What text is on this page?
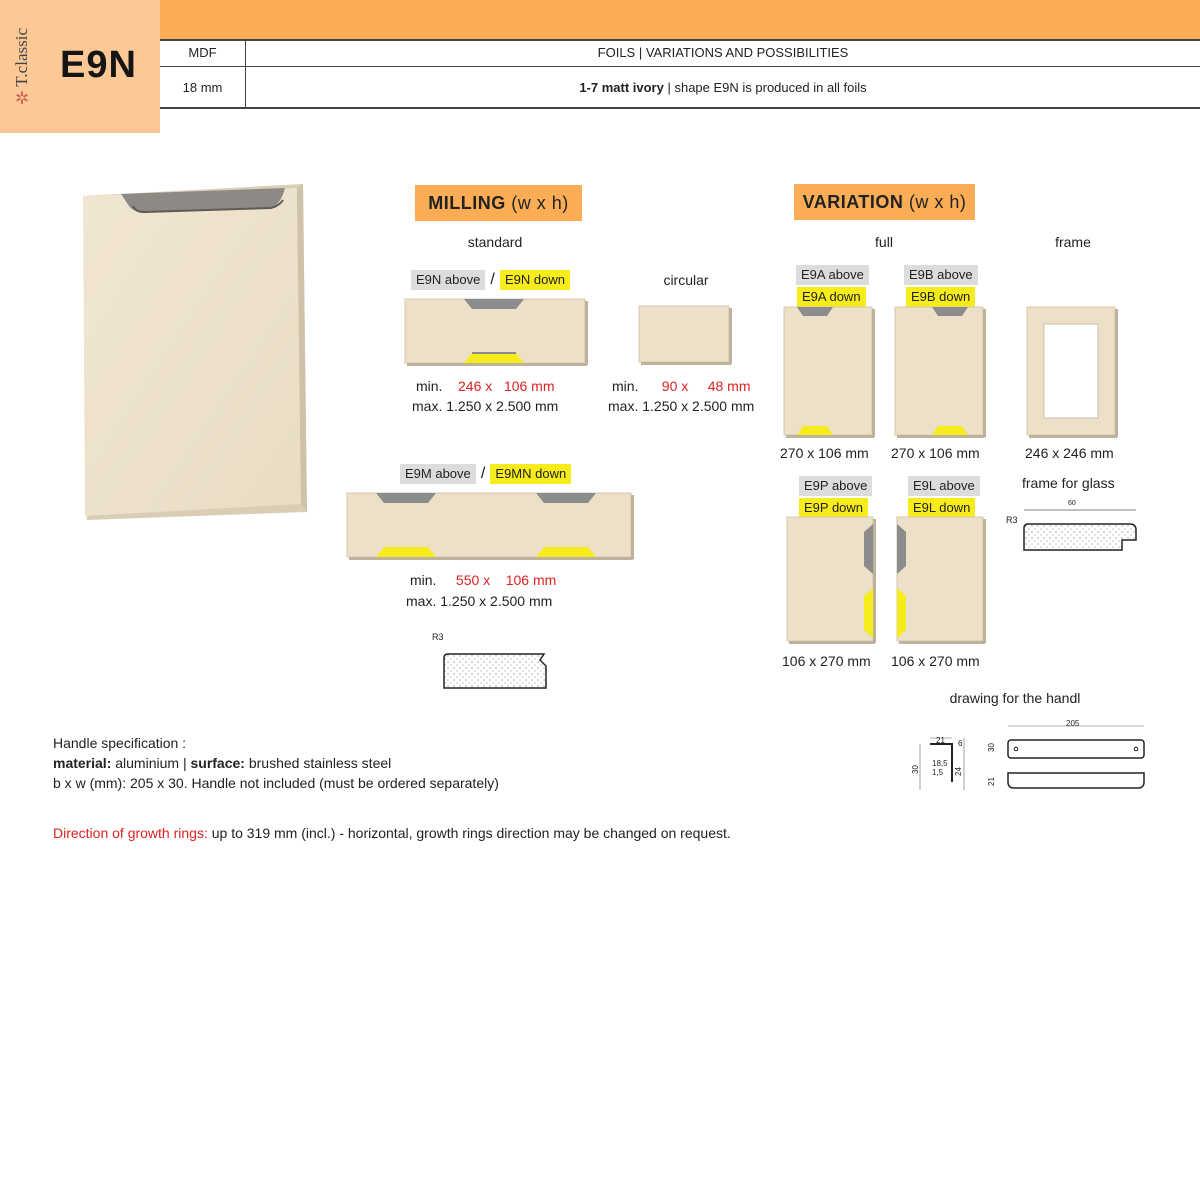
✲T.classic E9N	MDF	FOILS | VARIATIONS AND POSSIBILITIES
18 mm	1-7 matt ivory | shape E9N is produced in all foils
MILLING (w x h)
standard
circular
E9N above / E9N down
min. 246 x 106 mm
max. 1.250 x 2.500 mm
min. 90 x 48 mm
max. 1.250 x 2.500 mm
E9M above / E9MN down
min. 550 x 106 mm
max. 1.250 x 2.500 mm
R3
VARIATION (w x h)
full	frame
E9A above
E9A down
270 x 106 mm
E9B above
E9B down
270 x 106 mm	246 x 246 mm
E9P above
E9P down
106 x 270 mm
E9L above
E9L down
106 x 270 mm
frame for glass
R3
60
drawing for the handl
205
30
21
21 6
18,5
1,5 24
30
Handle specification :
material: aluminium | surface: brushed stainless steel
b x w (mm): 205 x 30. Handle not included (must be ordered separately)
Direction of growth rings: up to 319 mm (incl.) - horizontal, growth rings direction may be changed on request.
